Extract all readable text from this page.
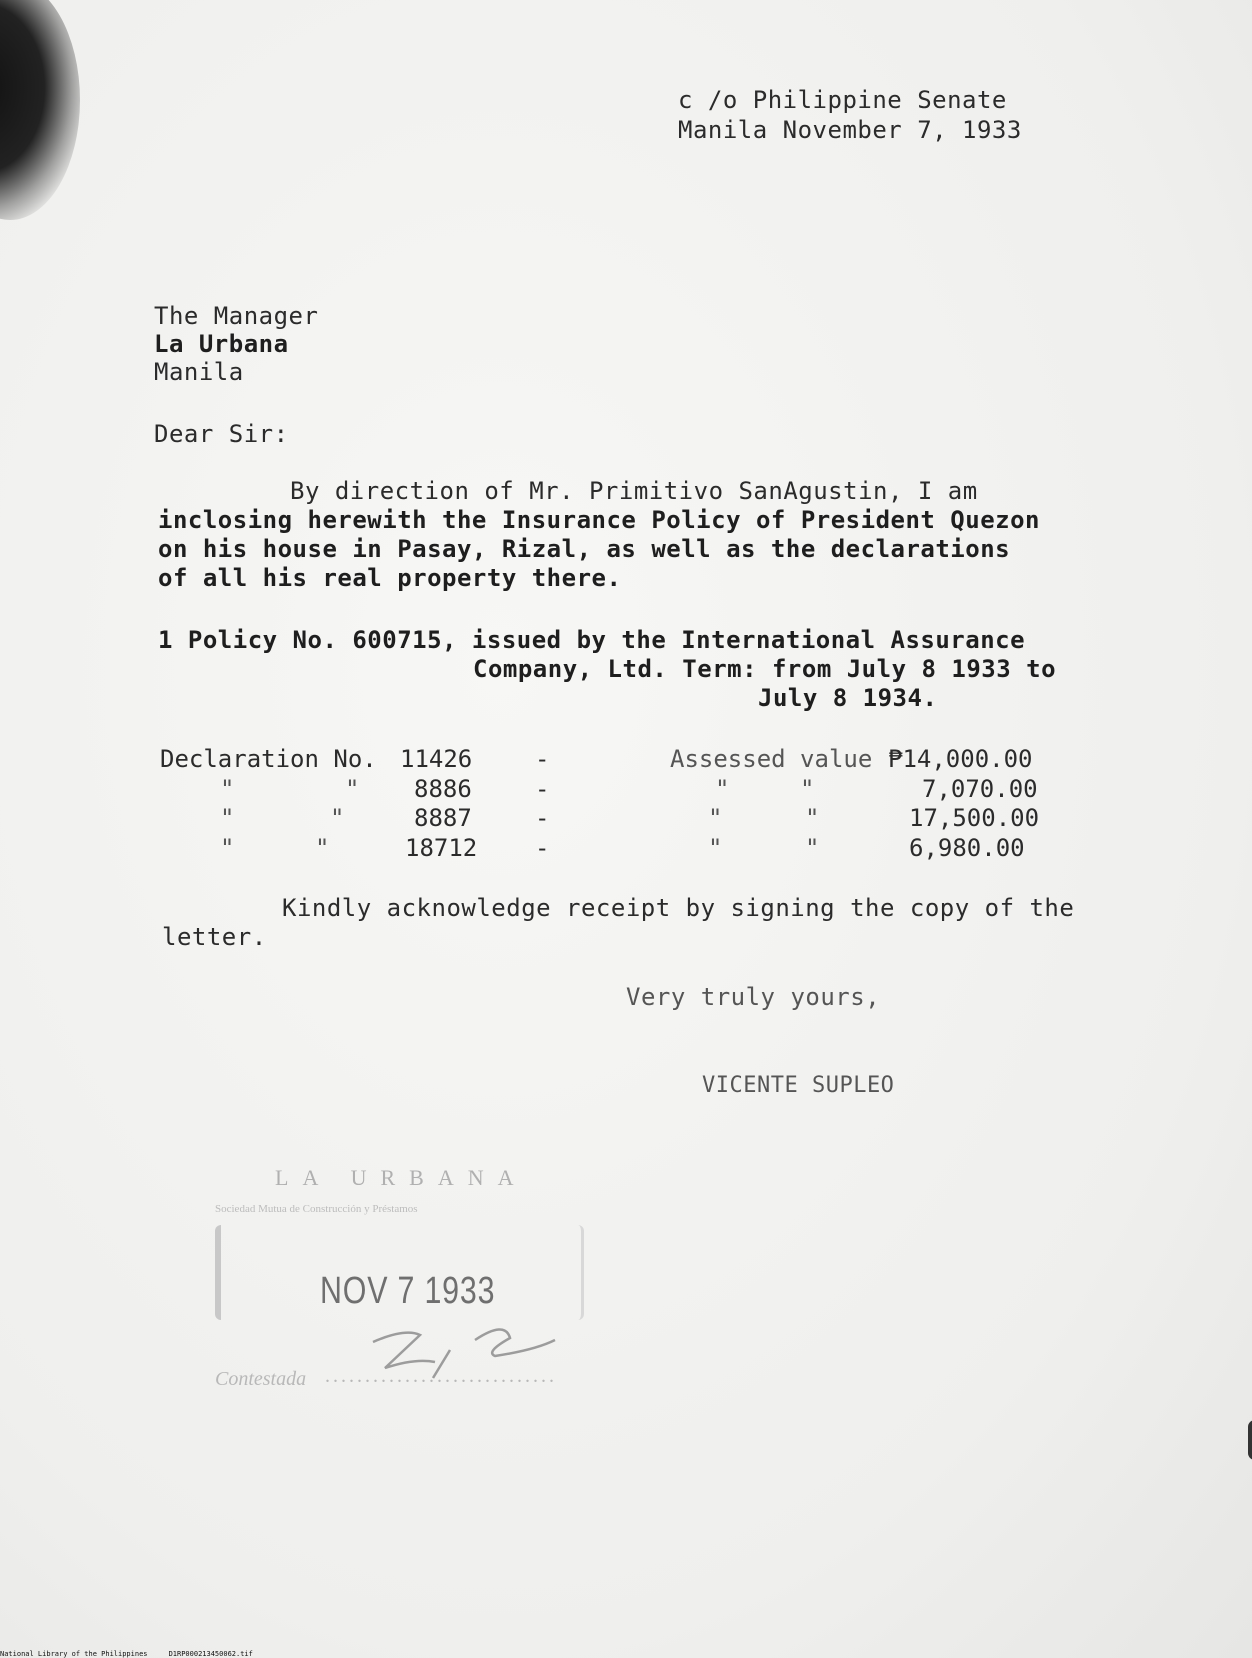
c /o Philippine Senate
Manila November 7, 1933
The Manager
La Urbana
Manila
Dear Sir:
By direction of Mr. Primitivo SanAgustin, I am
inclosing herewith the Insurance Policy of President Quezon
on his house in Pasay, Rizal, as well as the declarations
of all his real property there.
1 Policy No. 600715, issued by the International Assurance
Company, Ltd. Term: from July 8 1933 to
July 8 1934.
Declaration No. 11426	-	Assessed value ₱14,000.00
"	" 8886	-	"	"	7,070.00
"	"	8887	-	"	"	17,500.00
"	"	18712 -	"	"	6,980.00
Kindly acknowledge receipt by signing the copy of the
letter.
Very truly yours,
VICENTE SUPLEO
LA URBANA
Sociedad Mutua de Construcción y Préstamos
NOV 7 1933
Contestada .............................
National Library of the Philippines     D1RP000213450062.tif
